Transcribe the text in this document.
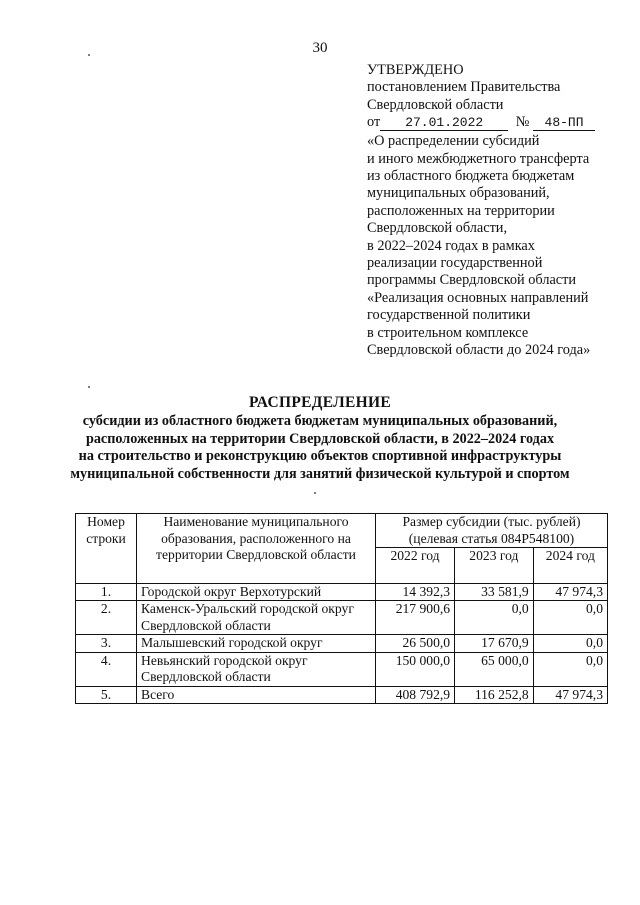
30
УТВЕРЖДЕНО
постановлением Правительства
Свердловской области
от 27.01.2022 № 48-ПП
«О распределении субсидий
и иного межбюджетного трансферта
из областного бюджета бюджетам
муниципальных образований,
расположенных на территории
Свердловской области,
в 2022–2024 годах в рамках
реализации государственной
программы Свердловской области
«Реализация основных направлений
государственной политики
в строительном комплексе
Свердловской области до 2024 года»
РАСПРЕДЕЛЕНИЕ
субсидии из областного бюджета бюджетам муниципальных образований,
расположенных на территории Свердловской области, в 2022–2024 годах
на строительство и реконструкцию объектов спортивной инфраструктуры
муниципальной собственности для занятий физической культурой и спортом
Номер строки	Наименование муниципального образования, расположенного на территории Свердловской области	Размер субсидии (тыс. рублей) (целевая статья 084P548100)		
		2022 год	2023 год	2024 год
1.	Городской округ Верхотурский	14 392,3	33 581,9	47 974,3
2.	Каменск-Уральский городской округ Свердловской области	217 900,6	0,0	0,0
3.	Малышевский городской округ	26 500,0	17 670,9	0,0
4.	Невьянский городской округ Свердловской области	150 000,0	65 000,0	0,0
5.	Всего	408 792,9	116 252,8	47 974,3
